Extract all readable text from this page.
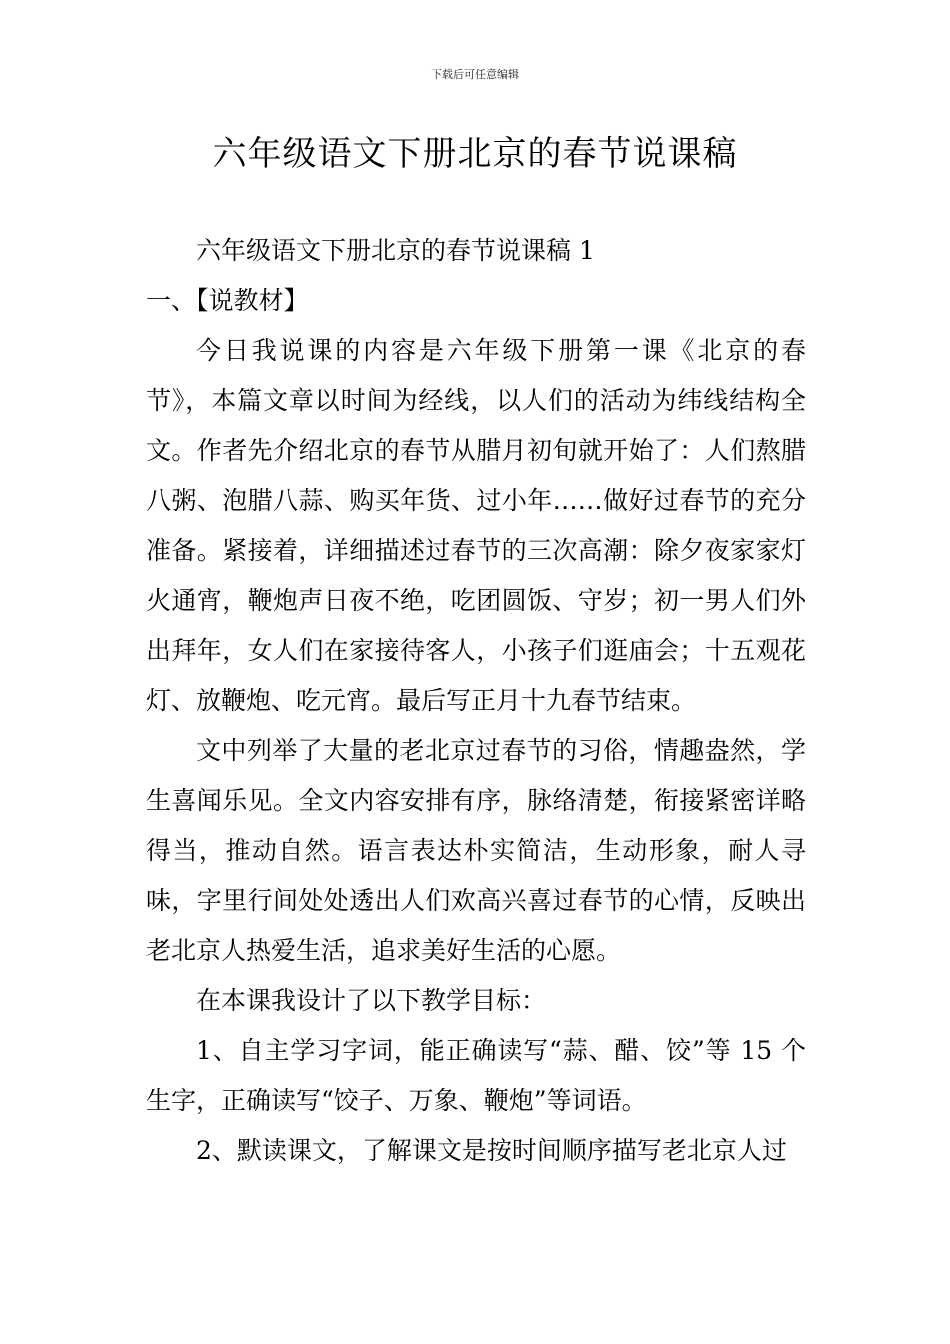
下载后可任意编辑
六年级语文下册北京的春节说课稿

六年级语文下册北京的春节说课稿 1一、【说教材】

今日我说课的内容是六年级下册第一课《北京的春节》，本篇文章以时间为经线，以人们的活动为纬线结构全文。作者先介绍北京的春节从腊月初旬就开始了：人们熬腊八粥、泡腊八蒜、购买年货、过小年……做好过春节的充分准备。紧接着，详细描述过春节的三次高潮：除夕夜家家灯火通宵，鞭炮声日夜不绝，吃团圆饭、守岁；初一男人们外出拜年，女人们在家接待客人，小孩子们逛庙会；十五观花灯、放鞭炮、吃元宵。最后写正月十九春节结束。

文中列举了大量的老北京过春节的习俗，情趣盎然，学生喜闻乐见。全文内容安排有序，脉络清楚，衔接紧密详略得当，推动自然。语言表达朴实简洁，生动形象，耐人寻味，字里行间处处透出人们欢高兴喜过春节的心情，反映出老北京人热爱生活，追求美好生活的心愿。

在本课我设计了以下教学目标：

1、自主学习字词，能正确读写“蒜、醋、饺”等 15 个生字，正确读写“饺子、万象、鞭炮”等词语。

2、默读课文，了解课文是按时间顺序描写老北京人过
